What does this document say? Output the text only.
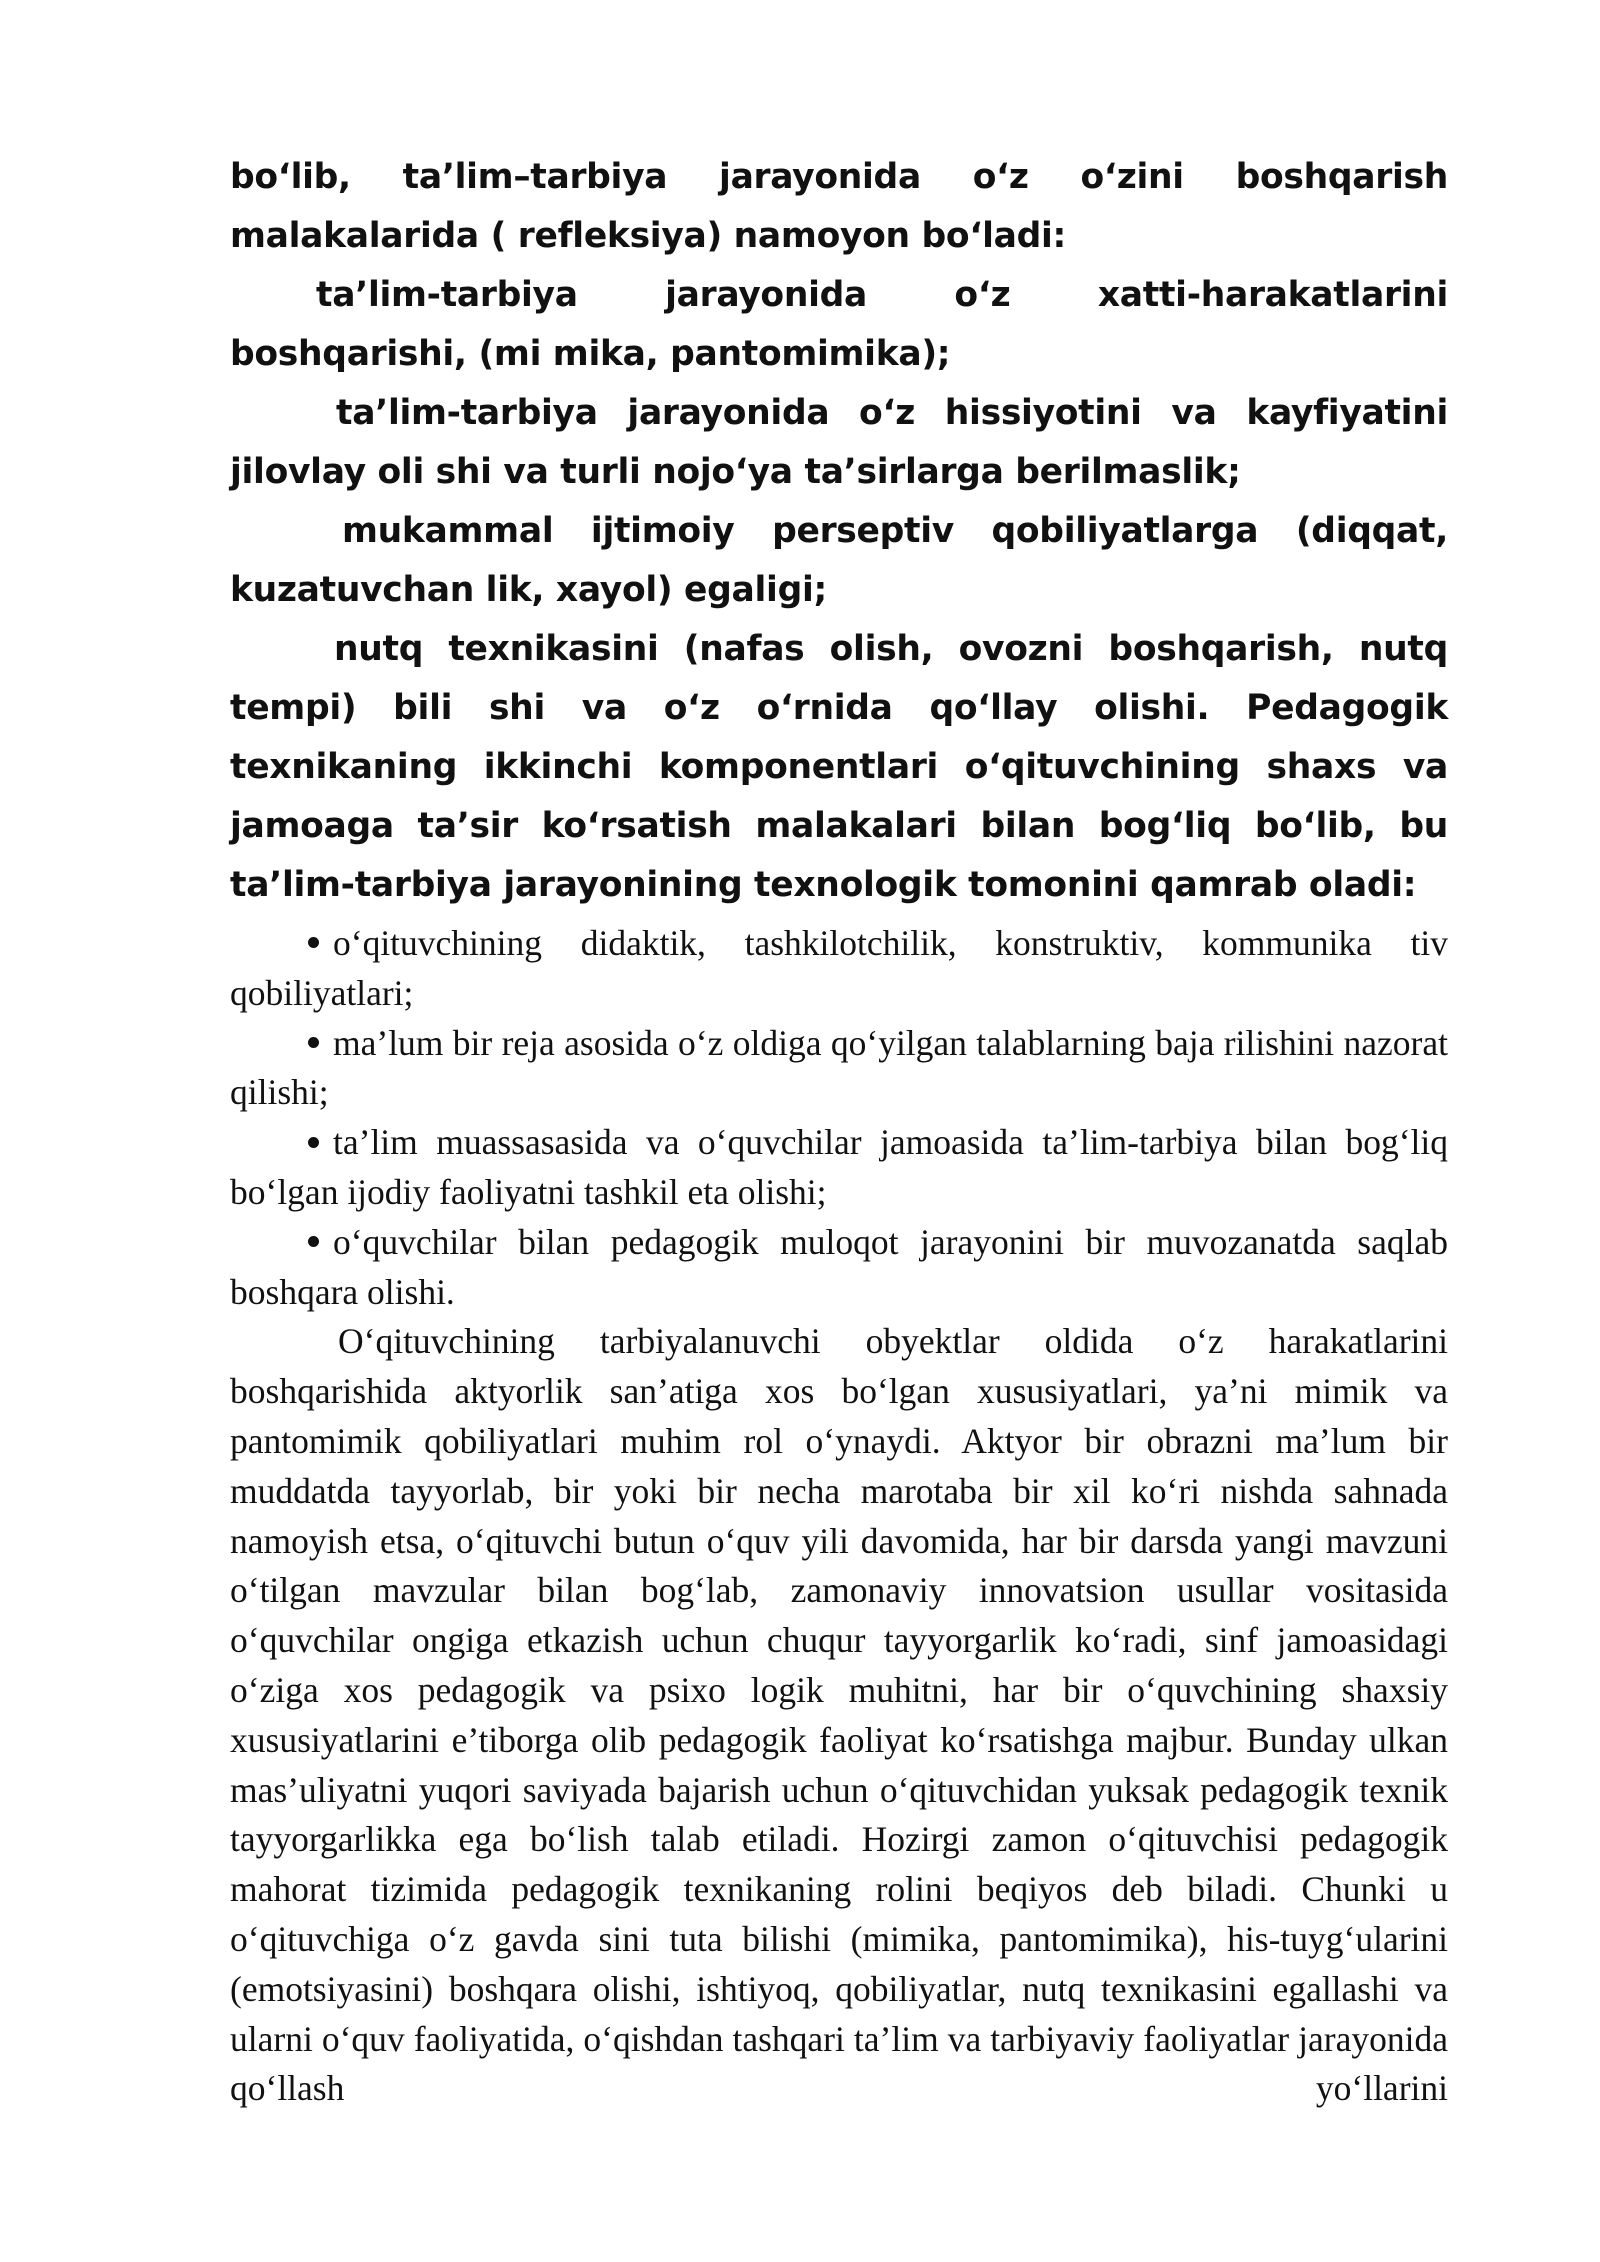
bo‘lib, ta’lim–tarbiya jarayonida o‘z o‘zini boshqarish malakalarida ( refleksiya) namoyon bo‘ladi:

ta’lim-tarbiya jarayonida o‘z xatti-harakatlarini boshqarishi, (mi mika, pantomimika);

ta’lim-tarbiya jarayonida o‘z hissiyotini va kayfiyatini jilovlay oli shi va turli nojo‘ya ta’sirlarga berilmaslik;

mukammal ijtimoiy perseptiv qobiliyatlarga (diqqat, kuzatuvchan lik, xayol) egaligi;

nutq texnikasini (nafas olish, ovozni boshqarish, nutq tempi) bili shi va o‘z o‘rnida qo‘llay olishi. Pedagogik texnikaning ikkinchi komponentlari o‘qituvchining shaxs va jamoaga ta’sir ko‘rsatish malakalari bilan bog‘liq bo‘lib, bu ta’lim-tarbiya jarayonining texnologik tomonini qamrab oladi:

o‘qituvchining didaktik, tashkilotchilik, konstruktiv, kommunika tiv qobiliyatlari;

ma’lum bir reja asosida o‘z oldiga qo‘yilgan talablarning baja rilishini nazorat qilishi;

ta’lim muassasasida va o‘quvchilar jamoasida ta’lim-tarbiya bilan bog‘liq bo‘lgan ijodiy faoliyatni tashkil eta olishi;

o‘quvchilar bilan pedagogik muloqot jarayonini bir muvozanatda saqlab boshqara olishi.

O‘qituvchining tarbiyalanuvchi obyektlar oldida o‘z harakatlarini boshqarishida aktyorlik san’atiga xos bo‘lgan xususiyatlari, ya’ni mimik va pantomimik qobiliyatlari muhim rol o‘ynaydi. Aktyor bir obrazni ma’lum bir muddatda tayyorlab, bir yoki bir necha marotaba bir xil ko‘ri nishda sahnada namoyish etsa, o‘qituvchi butun o‘quv yili davomida, har bir darsda yangi mavzuni o‘tilgan mavzular bilan bog‘lab, zamonaviy innovatsion usullar vositasida o‘quvchilar ongiga etkazish uchun chuqur tayyorgarlik ko‘radi, sinf jamoasidagi o‘ziga xos pedagogik va psixo logik muhitni, har bir o‘quvchining shaxsiy xususiyatlarini e’tiborga olib pedagogik faoliyat ko‘rsatishga majbur. Bunday ulkan mas’uliyatni yuqori saviyada bajarish uchun o‘qituvchidan yuksak pedagogik texnik tayyorgarlikka ega bo‘lish talab etiladi. Hozirgi zamon o‘qituvchisi pedagogik mahorat tizimida pedagogik texnikaning rolini beqiyos deb biladi. Chunki u o‘qituvchiga o‘z gavda sini tuta bilishi (mimika, pantomimika), his-tuyg‘ularini (emotsiyasini) boshqara olishi, ishtiyoq, qobiliyatlar, nutq texnikasini egallashi va ularni o‘quv faoliyatida, o‘qishdan tashqari ta’lim va tarbiyaviy faoliyatlar jarayonida qo‘llash yo‘llarini
